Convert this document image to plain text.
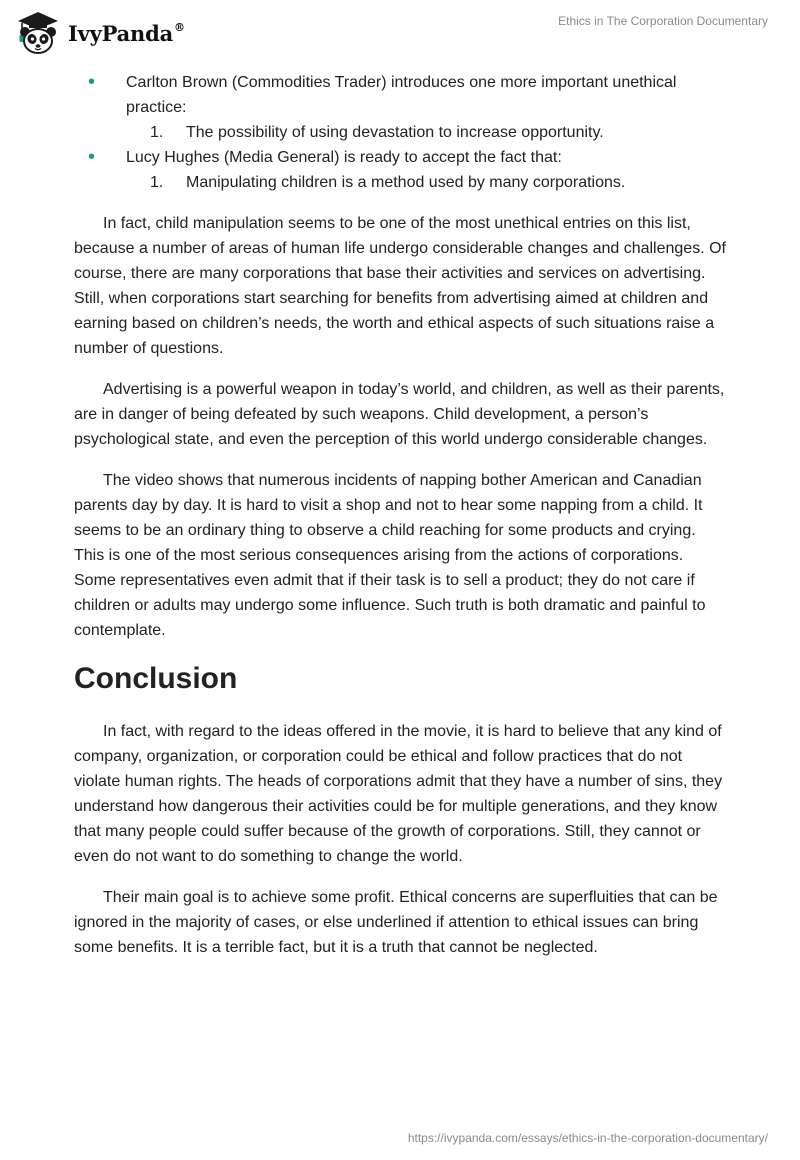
IvyPanda®	Ethics in The Corporation Documentary
• Carlton Brown (Commodities Trader) introduces one more important unethical practice:
1. The possibility of using devastation to increase opportunity.
• Lucy Hughes (Media General) is ready to accept the fact that:
1. Manipulating children is a method used by many corporations.

In fact, child manipulation seems to be one of the most unethical entries on this list, because a number of areas of human life undergo considerable changes and challenges. Of course, there are many corporations that base their activities and services on advertising. Still, when corporations start searching for benefits from advertising aimed at children and earning based on children’s needs, the worth and ethical aspects of such situations raise a number of questions.

Advertising is a powerful weapon in today’s world, and children, as well as their parents, are in danger of being defeated by such weapons. Child development, a person’s psychological state, and even the perception of this world undergo considerable changes.

The video shows that numerous incidents of napping bother American and Canadian parents day by day. It is hard to visit a shop and not to hear some napping from a child. It seems to be an ordinary thing to observe a child reaching for some products and crying. This is one of the most serious consequences arising from the actions of corporations. Some representatives even admit that if their task is to sell a product; they do not care if children or adults may undergo some influence. Such truth is both dramatic and painful to contemplate.

Conclusion

In fact, with regard to the ideas offered in the movie, it is hard to believe that any kind of company, organization, or corporation could be ethical and follow practices that do not violate human rights. The heads of corporations admit that they have a number of sins, they understand how dangerous their activities could be for multiple generations, and they know that many people could suffer because of the growth of corporations. Still, they cannot or even do not want to do something to change the world.

Their main goal is to achieve some profit. Ethical concerns are superfluities that can be ignored in the majority of cases, or else underlined if attention to ethical issues can bring some benefits. It is a terrible fact, but it is a truth that cannot be neglected.

https://ivypanda.com/essays/ethics-in-the-corporation-documentary/
